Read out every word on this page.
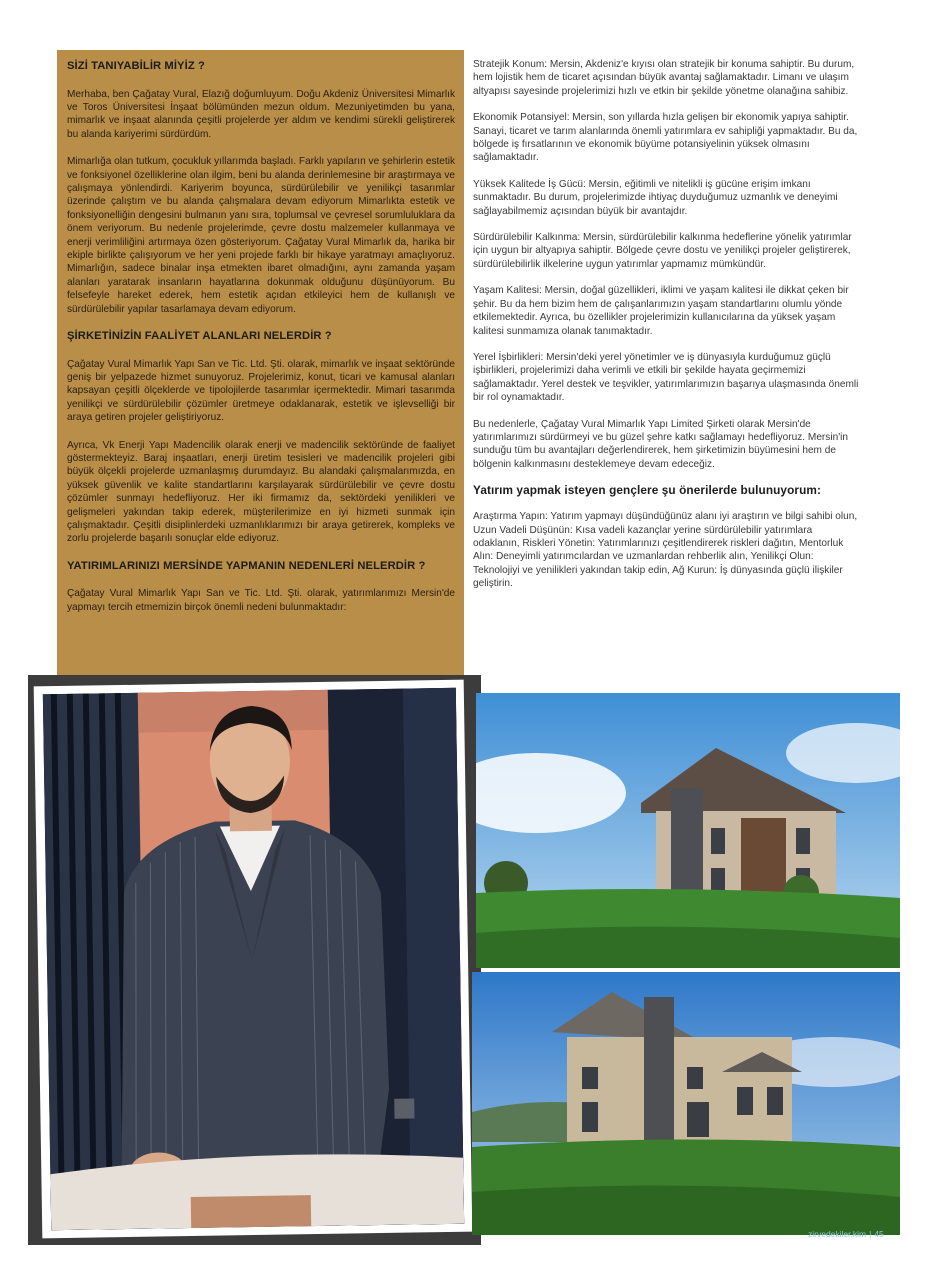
SİZİ TANIYABİLİR MİYİZ ?

Merhaba, ben Çağatay Vural, Elazığ doğumluyum. Doğu Akdeniz Üniversitesi Mimarlık ve Toros Üniversitesi İnşaat bölümünden mezun oldum. Mezuniyetimden bu yana, mimarlık ve inşaat alanında çeşitli projelerde yer aldım ve kendimi sürekli geliştirerek bu alanda kariyerimi sürdürdüm.

Mimarlığa olan tutkum, çocukluk yıllarımda başladı. Farklı yapıların ve şehirlerin estetik ve fonksiyonel özelliklerine olan ilgim, beni bu alanda derinlemesine bir araştırmaya ve çalışmaya yönlendirdi. Kariyerim boyunca, sürdürülebilir ve yenilikçi tasarımlar üzerinde çalıştım ve bu alanda çalışmalara devam ediyorum Mimarlıkta estetik ve fonksiyonelliğin dengesini bulmanın yanı sıra, toplumsal ve çevresel sorumluluklara da önem veriyorum. Bu nedenle projelerimde, çevre dostu malzemeler kullanmaya ve enerji verimliliğini artırmaya özen gösteriyorum. Çağatay Vural Mimarlık da, harika bir ekiple birlikte çalışıyorum ve her yeni projede farklı bir hikaye yaratmayı amaçlıyoruz. Mimarlığın, sadece binalar inşa etmekten ibaret olmadığını, aynı zamanda yaşam alanları yaratarak insanların hayatlarına dokunmak olduğunu düşünüyorum. Bu felsefeyle hareket ederek, hem estetik açıdan etkileyici hem de kullanışlı ve sürdürülebilir yapılar tasarlamaya devam ediyorum.

ŞİRKETİNİZİN FAALİYET ALANLARI NELERDİR ?

Çağatay Vural Mimarlık Yapı San ve Tic. Ltd. Şti. olarak, mimarlık ve inşaat sektöründe geniş bir yelpazede hizmet sunuyoruz. Projelerimiz, konut, ticari ve kamusal alanları kapsayan çeşitli ölçeklerde ve tipolojilerde tasarımlar içermektedir. Mimari tasarımda yenilikçi ve sürdürülebilir çözümler üretmeye odaklanarak, estetik ve işlevselliği bir araya getiren projeler geliştiriyoruz.

Ayrıca, Vk Enerji Yapı Madencilik olarak enerji ve madencilik sektöründe de faaliyet göstermekteyiz. Baraj inşaatları, enerji üretim tesisleri ve madencilik projeleri gibi büyük ölçekli projelerde uzmanlaşmış durumdayız. Bu alandaki çalışmalarımızda, en yüksek güvenlik ve kalite standartlarını karşılayarak sürdürülebilir ve çevre dostu çözümler sunmayı hedefliyoruz. Her iki firmamız da, sektördeki yenilikleri ve gelişmeleri yakından takip ederek, müşterilerimize en iyi hizmeti sunmak için çalışmaktadır. Çeşitli disiplinlerdeki uzmanlıklarımızı bir araya getirerek, kompleks ve zorlu projelerde başarılı sonuçlar elde ediyoruz.

YATIRIMLARINIZI MERSİNDE YAPMANIN NEDENLERİ NELERDİR ?

Çağatay Vural Mimarlık Yapı San ve Tic. Ltd. Şti. olarak, yatırımlarımızı Mersin'de yapmayı tercih etmemizin birçok önemli nedeni bulunmaktadır:

Stratejik Konum: Mersin, Akdeniz'e kıyısı olan stratejik bir konuma sahiptir. Bu durum, hem lojistik hem de ticaret açısından büyük avantaj sağlamaktadır. Limanı ve ulaşım altyapısı sayesinde projelerimizi hızlı ve etkin bir şekilde yönetme olanağına sahibiz.

Ekonomik Potansiyel: Mersin, son yıllarda hızla gelişen bir ekonomik yapıya sahiptir. Sanayi, ticaret ve tarım alanlarında önemli yatırımlara ev sahipliği yapmaktadır. Bu da, bölgede iş fırsatlarının ve ekonomik büyüme potansiyelinin yüksek olmasını sağlamaktadır.

Yüksek Kalitede İş Gücü: Mersin, eğitimli ve nitelikli iş gücüne erişim imkanı sunmaktadır. Bu durum, projelerimizde ihtiyaç duyduğumuz uzmanlık ve deneyimi sağlayabilmemiz açısından büyük bir avantajdır.

Sürdürülebilir Kalkınma: Mersin, sürdürülebilir kalkınma hedeflerine yönelik yatırımlar için uygun bir altyapıya sahiptir. Bölgede çevre dostu ve yenilikçi projeler geliştirerek, sürdürülebilirlik ilkelerine uygun yatırımlar yapmamız mümkündür.

Yaşam Kalitesi: Mersin, doğal güzellikleri, iklimi ve yaşam kalitesi ile dikkat çeken bir şehir. Bu da hem bizim hem de çalışanlarımızın yaşam standartlarını olumlu yönde etkilemektedir. Ayrıca, bu özellikler projelerimizin kullanıcılarına da yüksek yaşam kalitesi sunmamıza olanak tanımaktadır.

Yerel İşbirlikleri: Mersin'deki yerel yönetimler ve iş dünyasıyla kurduğumuz güçlü işbirlikleri, projelerimizi daha verimli ve etkili bir şekilde hayata geçirmemizi sağlamaktadır. Yerel destek ve teşvikler, yatırımlarımızın başarıya ulaşmasında önemli bir rol oynamaktadır.

Bu nedenlerle, Çağatay Vural Mimarlık Yapı Limited Şirketi olarak Mersin'de yatırımlarımızı sürdürmeyi ve bu güzel şehre katkı sağlamayı hedefliyoruz. Mersin'in sunduğu tüm bu avantajları değerlendirerek, hem şirketimizin büyümesini hem de bölgenin kalkınmasını desteklemeye devam edeceğiz.

Yatırım yapmak isteyen gençlere şu önerilerde bulunuyorum:

Araştırma Yapın: Yatırım yapmayı düşündüğünüz alanı iyi araştırın ve bilgi sahibi olun, Uzun Vadeli Düşünün: Kısa vadeli kazançlar yerine sürdürülebilir yatırımlara odaklanın, Riskleri Yönetin: Yatırımlarınızı çeşitlendirerek riskleri dağıtın, Mentorluk Alın: Deneyimli yatırımcılardan ve uzmanlardan rehberlik alın, Yenilikçi Olun: Teknolojiyi ve yenilikleri yakından takip edin, Ağ Kurun: İş dünyasında güçlü ilişkiler geliştirin.

zirvedekiler.kim | 45
